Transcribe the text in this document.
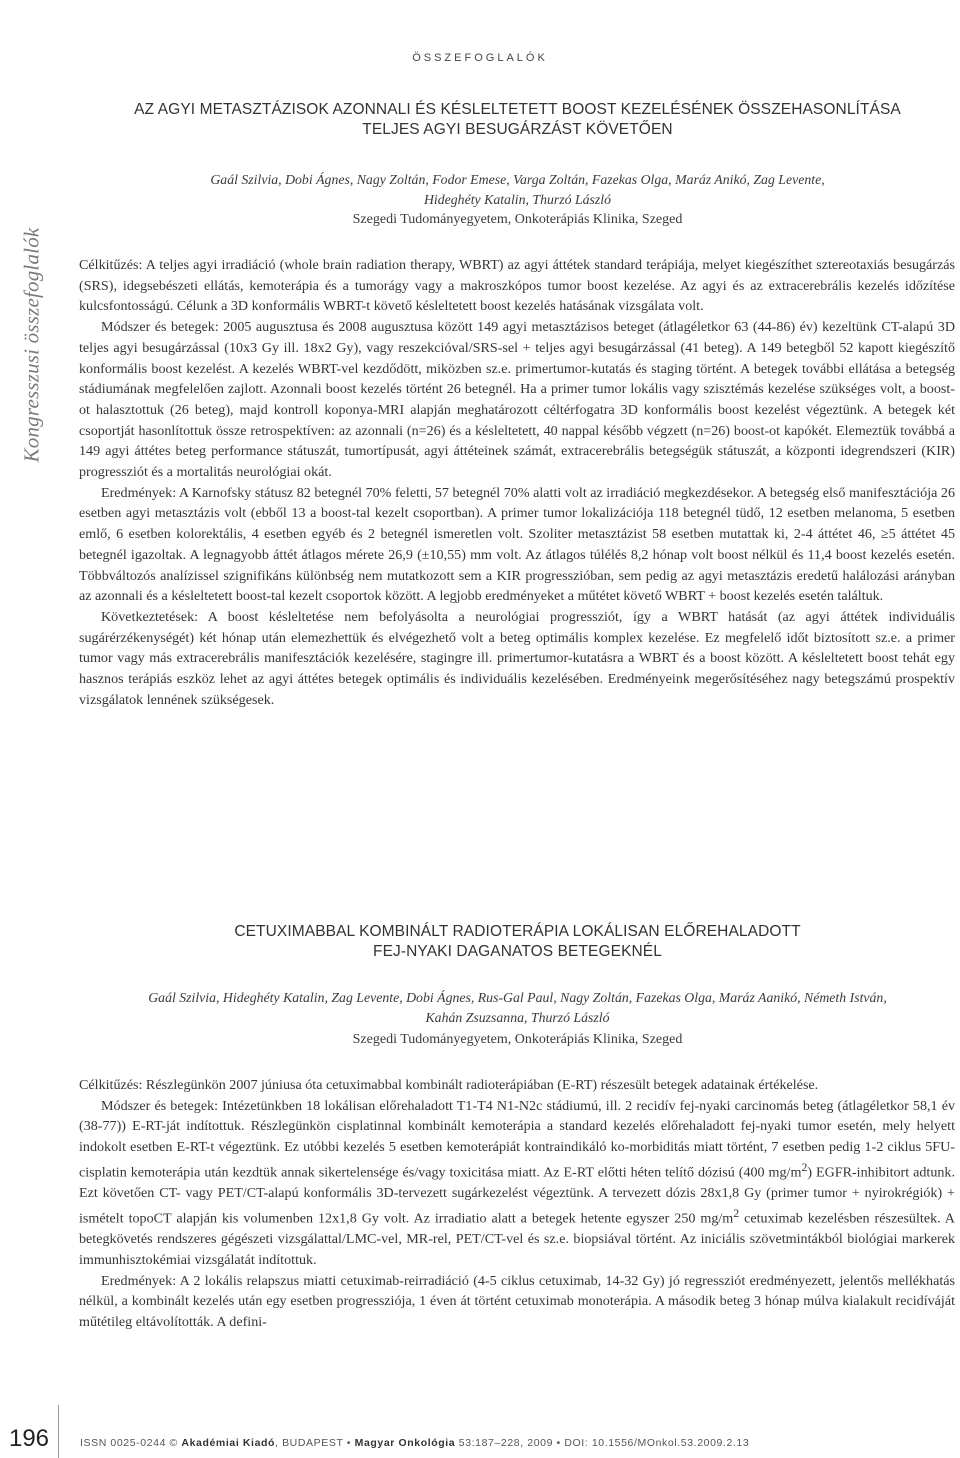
Kongresszusi összefoglalók
ÖSSZEFOGLALÓK
AZ AGYI METASZTÁZISOK AZONNALI ÉS KÉSLELTETETT BOOST KEZELÉSÉNEK ÖSSZEHASONLÍTÁSA
TELJES AGYI BESUGÁRZÁST KÖVETŐEN
Gaál Szilvia, Dobi Ágnes, Nagy Zoltán, Fodor Emese, Varga Zoltán, Fazekas Olga, Maráz Anikó, Zag Levente,
Hideghéty Katalin, Thurzó László
Szegedi Tudományegyetem, Onkoterápiás Klinika, Szeged

Célkitűzés: A teljes agyi irradiáció (whole brain radiation therapy, WBRT) az agyi áttétek standard terápiája, melyet kiegészíthet sztereotaxiás besugárzás (SRS), idegsebészeti ellátás, kemoterápia és a tumorágy vagy a makroszkópos tumor boost kezelése. Az agyi és az extracerebrális kezelés időzítése kulcsfontosságú. Célunk a 3D konformális WBRT-t követő késleltetett boost kezelés hatásának vizsgálata volt.

Módszer és betegek: 2005 augusztusa és 2008 augusztusa között 149 agyi metasztázisos beteget (átlagéletkor 63 (44-86) év) kezeltünk CT-alapú 3D teljes agyi besugárzással (10x3 Gy ill. 18x2 Gy), vagy reszekcióval/SRS-sel + teljes agyi besugárzással (41 beteg). A 149 betegből 52 kapott kiegészítő konformális boost kezelést. A kezelés WBRT-vel kezdődött, miközben sz.e. primertumor-kutatás és staging történt. A betegek további ellátása a betegség stádiumának megfelelően zajlott. Azonnali boost kezelés történt 26 betegnél. Ha a primer tumor lokális vagy szisztémás kezelése szükséges volt, a boost-ot halasztottuk (26 beteg), majd kontroll koponya-MRI alapján meghatározott céltérfogatra 3D konformális boost kezelést végeztünk. A betegek két csoportját hasonlítottuk össze retrospektíven: az azonnali (n=26) és a késleltetett, 40 nappal később végzett (n=26) boost-ot kapókét. Elemeztük továbbá a 149 agyi áttétes beteg performance státuszát, tumortípusát, agyi áttéteinek számát, extracerebrális betegségük státuszát, a központi idegrendszeri (KIR) progressziót és a mortalitás neurológiai okát.

Eredmények: A Karnofsky státusz 82 betegnél 70% feletti, 57 betegnél 70% alatti volt az irradiáció megkezdésekor. A betegség első manifesztációja 26 esetben agyi metasztázis volt (ebből 13 a boost-tal kezelt csoportban). A primer tumor lokalizációja 118 betegnél tüdő, 12 esetben melanoma, 5 esetben emlő, 6 esetben kolorektális, 4 esetben egyéb és 2 betegnél ismeretlen volt. Szoliter metasztázist 58 esetben mutattak ki, 2-4 áttétet 46, ≥5 áttétet 45 betegnél igazoltak. A legnagyobb áttét átlagos mérete 26,9 (±10,55) mm volt. Az átlagos túlélés 8,2 hónap volt boost nélkül és 11,4 boost kezelés esetén. Többváltozós analízissel szignifikáns különbség nem mutatkozott sem a KIR progresszióban, sem pedig az agyi metasztázis eredetű halálozási arányban az azonnali és a késleltetett boost-tal kezelt csoportok között. A legjobb eredményeket a műtétet követő WBRT + boost kezelés esetén találtuk.

Következtetések: A boost késleltetése nem befolyásolta a neurológiai progressziót, így a WBRT hatását (az agyi áttétek individuális sugárérzékenységét) két hónap után elemezhettük és elvégezhető volt a beteg optimális komplex kezelése. Ez megfelelő időt biztosított sz.e. a primer tumor vagy más extracerebrális manifesztációk kezelésére, stagingre ill. primertumor-kutatásra a WBRT és a boost között. A késleltetett boost tehát egy hasznos terápiás eszköz lehet az agyi áttétes betegek optimális és individuális kezelésében. Eredményeink megerősítéséhez nagy betegszámú prospektív vizsgálatok lennének szükségesek.

CETUXIMABBAL KOMBINÁLT RADIOTERÁPIA LOKÁLISAN ELŐREHALADOTT
FEJ-NYAKI DAGANATOS BETEGEKNÉL
Gaál Szilvia, Hideghéty Katalin, Zag Levente, Dobi Ágnes, Rus-Gal Paul, Nagy Zoltán, Fazekas Olga, Maráz Aanikó, Németh István,
Kahán Zsuzsanna, Thurzó László
Szegedi Tudományegyetem, Onkoterápiás Klinika, Szeged

Célkitűzés: Részlegünkön 2007 júniusa óta cetuximabbal kombinált radioterápiában (E-RT) részesült betegek adatainak értékelése.

Módszer és betegek: Intézetünkben 18 lokálisan előrehaladott T1-T4 N1-N2c stádiumú, ill. 2 recidív fej-nyaki carcinomás beteg (átlagéletkor 58,1 év (38-77)) E-RT-ját indítottuk. Részlegünkön cisplatinnal kombinált kemoterápia a standard kezelés előrehaladott fej-nyaki tumor esetén, mely helyett indokolt esetben E-RT-t végeztünk. Ez utóbbi kezelés 5 esetben kemoterápiát kontraindikáló ko-morbiditás miatt történt, 7 esetben pedig 1-2 ciklus 5FU-cisplatin kemoterápia után kezdtük annak sikertelensége és/vagy toxicitása miatt. Az E-RT előtti héten telítő dózisú (400 $mg/m^2$) EGFR-inhibitort adtunk. Ezt követően CT- vagy PET/CT-alapú konformális 3D-tervezett sugárkezelést végeztünk. A tervezett dózis 28x1,8 Gy (primer tumor + nyirokrégiók) + ismételt topoCT alapján kis volumenben 12x1,8 Gy volt. Az irradiatio alatt a betegek hetente egyszer 250 $mg/m^2$ cetuximab kezelésben részesültek. A betegkövetés rendszeres gégészeti vizsgálattal/LMC-vel, MR-rel, PET/CT-vel és sz.e. biopsiával történt. Az iniciális szövetmintákból biológiai markerek immunhisztokémiai vizsgálatát indítottuk.

Eredmények: A 2 lokális relapszus miatti cetuximab-reirradiáció (4-5 ciklus cetuximab, 14-32 Gy) jó regressziót eredményezett, jelentős mellékhatás nélkül, a kombinált kezelés után egy esetben progressziója, 1 éven át történt cetuximab monoterápia. A második beteg 3 hónap múlva kialakult recidíváját műtétileg eltávolították. A defini-

196	ISSN 0025-0244 © Akadémiai Kiadó, BUDAPEST • Magyar Onkológia 53:187–228, 2009 • DOI: 10.1556/MOnkol.53.2009.2.13
